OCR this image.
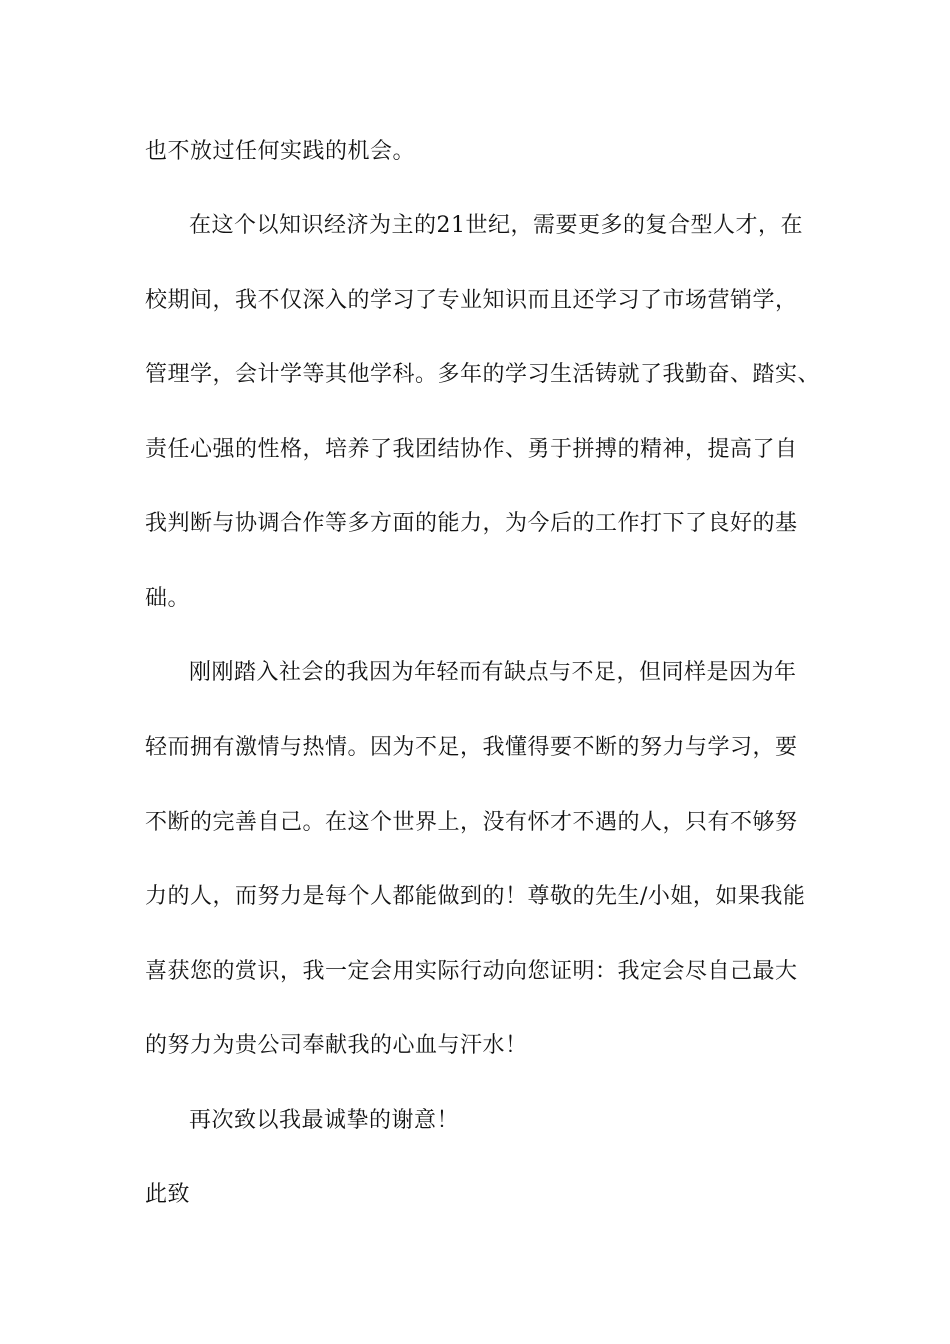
也不放过任何实践的机会。
在这个以知识经济为主的21世纪，需要更多的复合型人才，在
校期间，我不仅深入的学习了专业知识而且还学习了市场营销学，
管理学，会计学等其他学科。多年的学习生活铸就了我勤奋、踏实、
责任心强的性格，培养了我团结协作、勇于拼搏的精神，提高了自
我判断与协调合作等多方面的能力，为今后的工作打下了良好的基
础。
刚刚踏入社会的我因为年轻而有缺点与不足，但同样是因为年
轻而拥有激情与热情。因为不足，我懂得要不断的努力与学习，要
不断的完善自己。在这个世界上，没有怀才不遇的人，只有不够努
力的人，而努力是每个人都能做到的！尊敬的先生/小姐，如果我能
喜获您的赏识，我一定会用实际行动向您证明：我定会尽自己最大
的努力为贵公司奉献我的心血与汗水！
再次致以我最诚挚的谢意！
此致
